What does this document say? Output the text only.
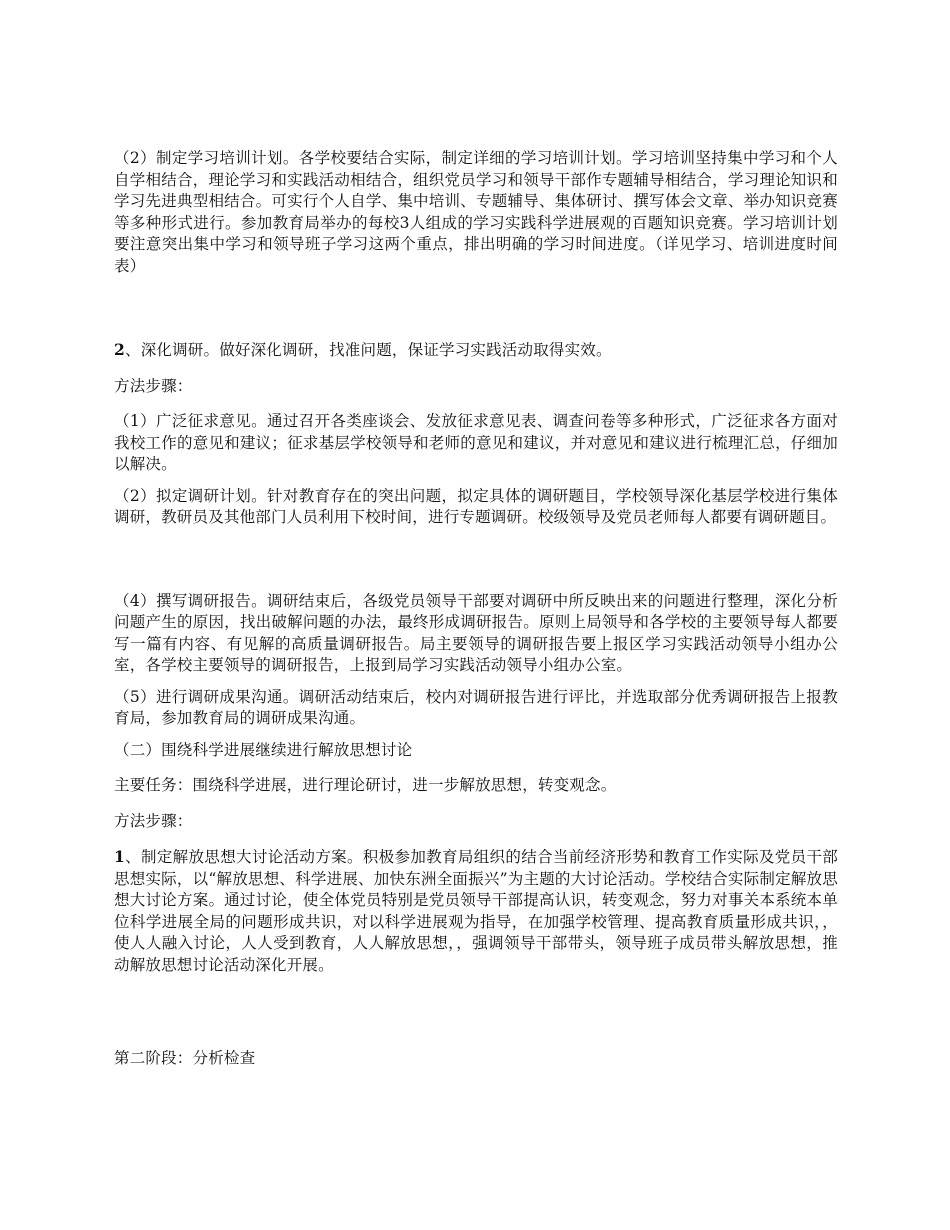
（2）制定学习培训计划。各学校要结合实际，制定详细的学习培训计划。学习培训坚持集中学习和个人自学相结合，理论学习和实践活动相结合，组织党员学习和领导干部作专题辅导相结合，学习理论知识和学习先进典型相结合。可实行个人自学、集中培训、专题辅导、集体研讨、撰写体会文章、举办知识竞赛等多种形式进行。参加教育局举办的每校3人组成的学习实践科学进展观的百题知识竞赛。学习培训计划要注意突出集中学习和领导班子学习这两个重点，排出明确的学习时间进度。（详见学习、培训进度时间表）

2、深化调研。做好深化调研，找准问题，保证学习实践活动取得实效。

方法步骤：

（1）广泛征求意见。通过召开各类座谈会、发放征求意见表、调查问卷等多种形式，广泛征求各方面对我校工作的意见和建议；征求基层学校领导和老师的意见和建议，并对意见和建议进行梳理汇总，仔细加以解决。

（2）拟定调研计划。针对教育存在的突出问题，拟定具体的调研题目，学校领导深化基层学校进行集体调研，教研员及其他部门人员利用下校时间，进行专题调研。校级领导及党员老师每人都要有调研题目。

（4）撰写调研报告。调研结束后，各级党员领导干部要对调研中所反映出来的问题进行整理，深化分析问题产生的原因，找出破解问题的办法，最终形成调研报告。原则上局领导和各学校的主要领导每人都要写一篇有内容、有见解的高质量调研报告。局主要领导的调研报告要上报区学习实践活动领导小组办公室，各学校主要领导的调研报告，上报到局学习实践活动领导小组办公室。

（5）进行调研成果沟通。调研活动结束后，校内对调研报告进行评比，并选取部分优秀调研报告上报教育局，参加教育局的调研成果沟通。

（二）围绕科学进展继续进行解放思想讨论

主要任务：围绕科学进展，进行理论研讨，进一步解放思想，转变观念。

方法步骤：

1、制定解放思想大讨论活动方案。积极参加教育局组织的结合当前经济形势和教育工作实际及党员干部思想实际，以“解放思想、科学进展、加快东洲全面振兴”为主题的大讨论活动。学校结合实际制定解放思想大讨论方案。通过讨论，使全体党员特别是党员领导干部提高认识，转变观念，努力对事关本系统本单位科学进展全局的问题形成共识，对以科学进展观为指导，在加强学校管理、提高教育质量形成共识，，使人人融入讨论，人人受到教育，人人解放思想，，强调领导干部带头，领导班子成员带头解放思想，推动解放思想讨论活动深化开展。

第二阶段：分析检查
